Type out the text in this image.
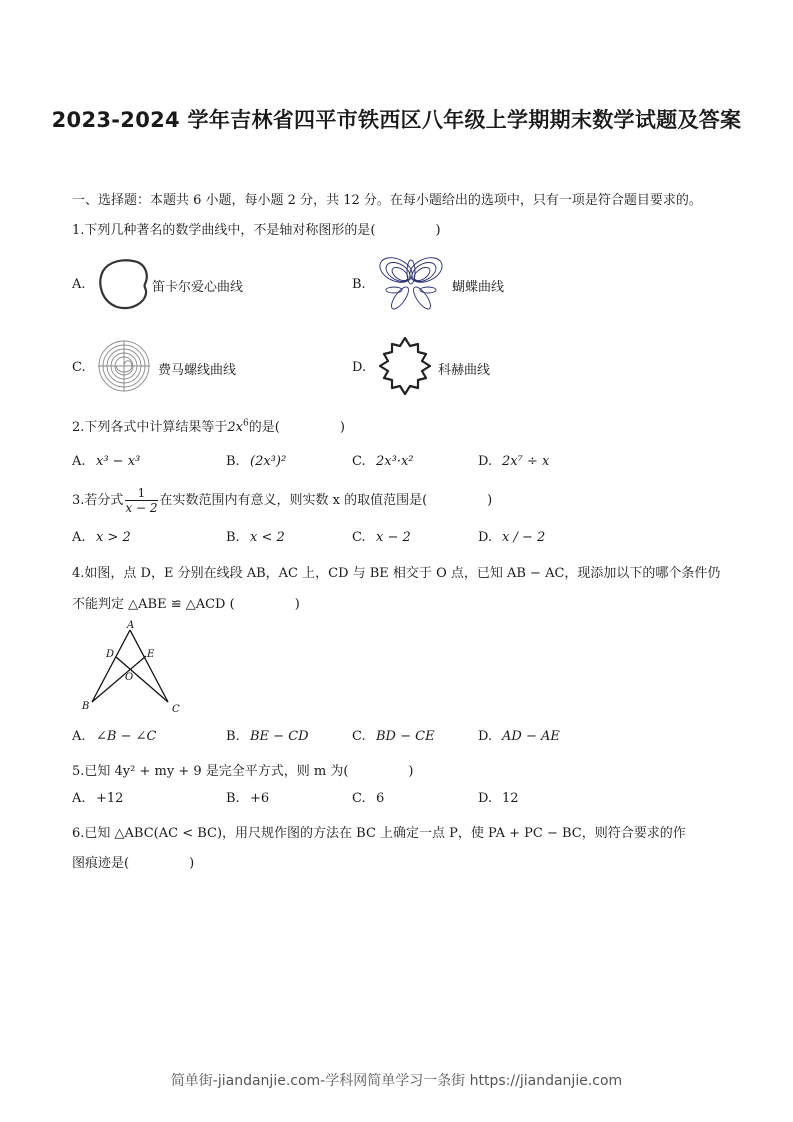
2023-2024 学年吉林省四平市铁西区八年级上学期期末数学试题及答案
一、选择题：本题共 6 小题，每小题 2 分，共 12 分。在每小题给出的选项中，只有一项是符合题目要求的。
1.下列几种著名的数学曲线中，不是轴对称图形的是(	)
A.	笛卡尔爱心曲线	B.	蝴蝶曲线
C.	费马螺线曲线	D.	科赫曲线
2.下列各式中计算结果等于$2x^6$的是(	)
A. x³ − x³	B. (2x³)²	C. 2x³·x²	D. 2x⁷ ÷ x
3.若分式 $\frac{1}{x - 2}$ 在实数范围内有意义，则实数 x 的取值范围是(	)
A. x > 2	B. x < 2	C. x − 2	D. x / − 2
4.如图，点 D，E 分别在线段 AB，AC 上，CD 与 BE 相交于 O 点，已知 AB − AC，现添加以下的哪个条件仍
不能判定 △ABE ≌ △ACD (	)
A
D	E
O
B	C
A. ∠B − ∠C	B. BE − CD	C. BD − CE	D. AD − AE
5.已知 4y² + my + 9 是完全平方式，则 m 为(	)
A. +12	B. +6	C. 6	D. 12
6.已知 △ABC(AC < BC)，用尺规作图的方法在 BC 上确定一点 P，使 PA + PC − BC，则符合要求的作
图痕迹是(	)
简单街-jiandanjie.com-学科网简单学习一条街 https://jiandanjie.com
